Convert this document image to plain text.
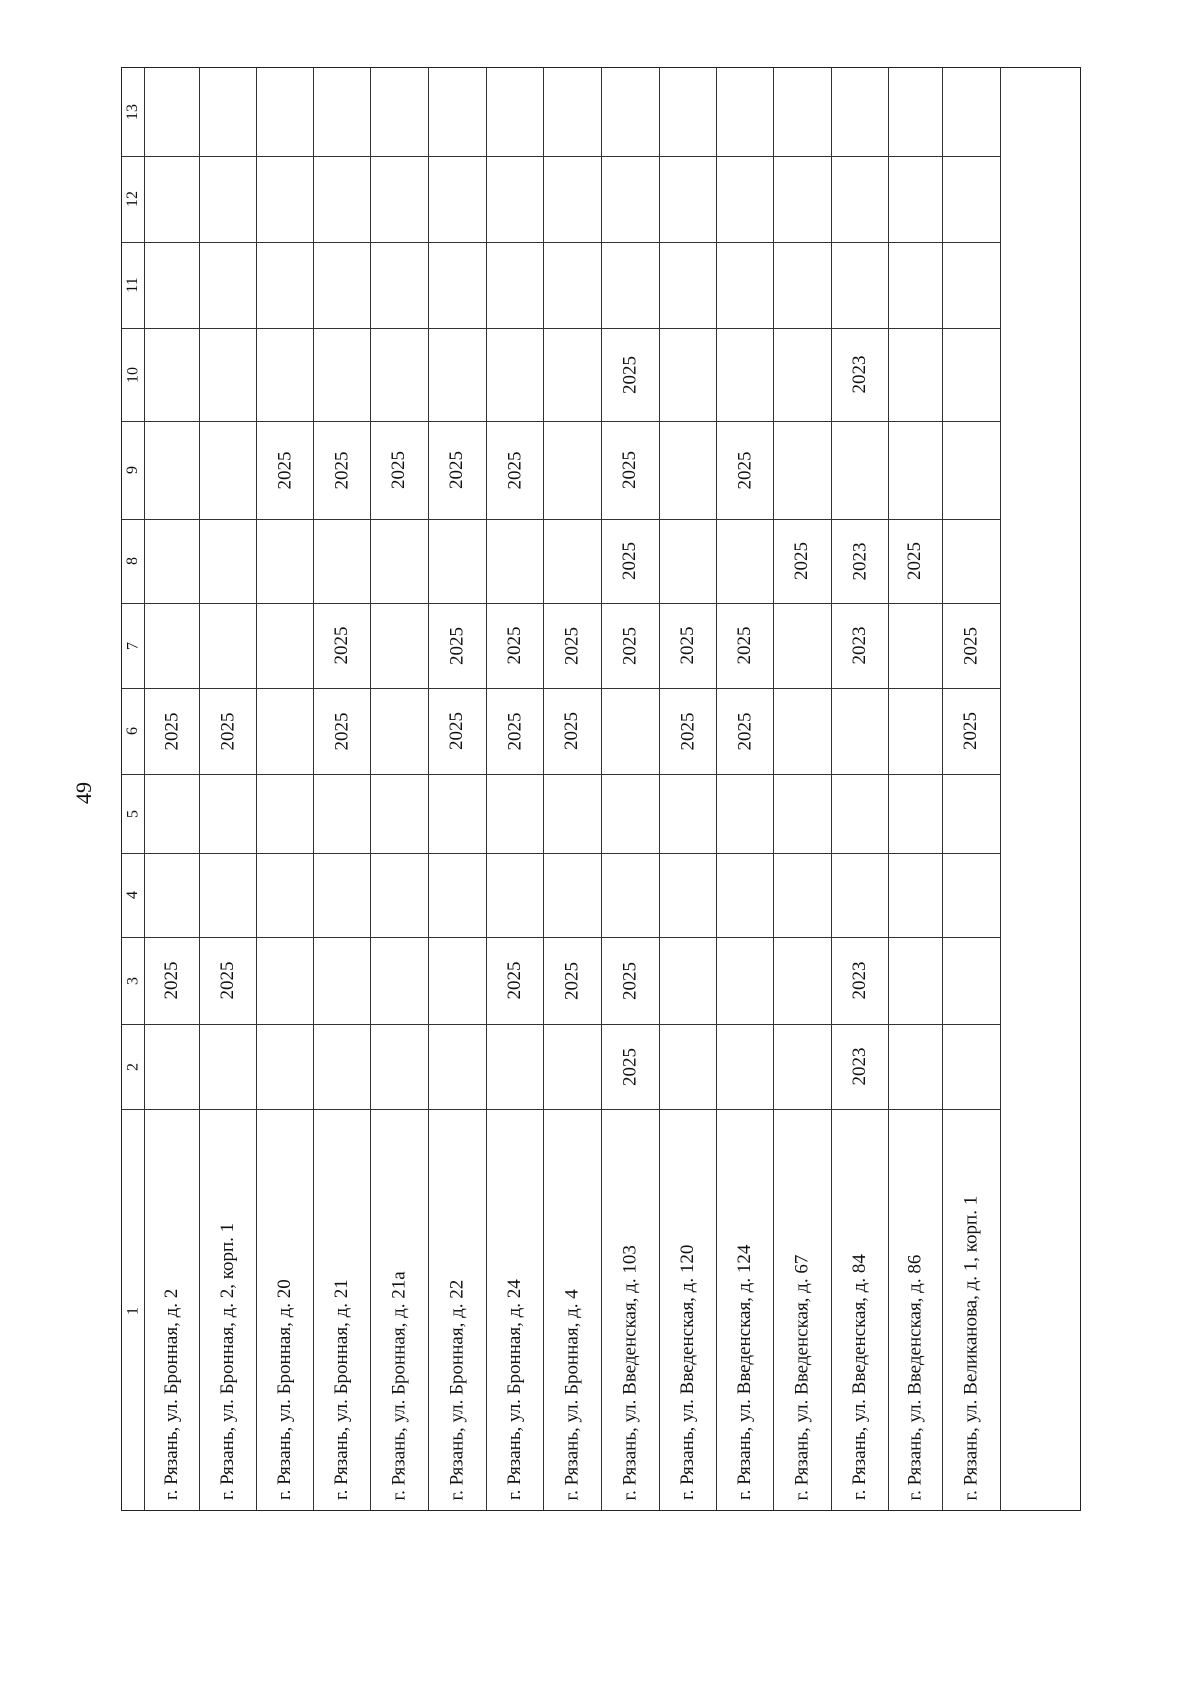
49
1
2
3
4
5
6
7
8
9
10
11
12
13
г. Рязань, ул. Бронная, д. 2
2025
2025
г. Рязань, ул. Бронная, д. 2, корп. 1
2025
2025
г. Рязань, ул. Бронная, д. 20
2025
г. Рязань, ул. Бронная, д. 21
2025
2025
2025
г. Рязань, ул. Бронная, д. 21а
2025
г. Рязань, ул. Бронная, д. 22
2025
2025
2025
г. Рязань, ул. Бронная, д. 24
2025
2025
2025
2025
г. Рязань, ул. Бронная, д. 4
2025
2025
2025
г. Рязань, ул. Введенская, д. 103
2025
2025
2025
2025
2025
2025
г. Рязань, ул. Введенская, д. 120
2025
2025
г. Рязань, ул. Введенская, д. 124
2025
2025
2025
г. Рязань, ул. Введенская, д. 67
2025
г. Рязань, ул. Введенская, д. 84
2023
2023
2023
2023
2023
г. Рязань, ул. Введенская, д. 86
2025
г. Рязань, ул. Великанова, д. 1, корп. 1
2025
2025
